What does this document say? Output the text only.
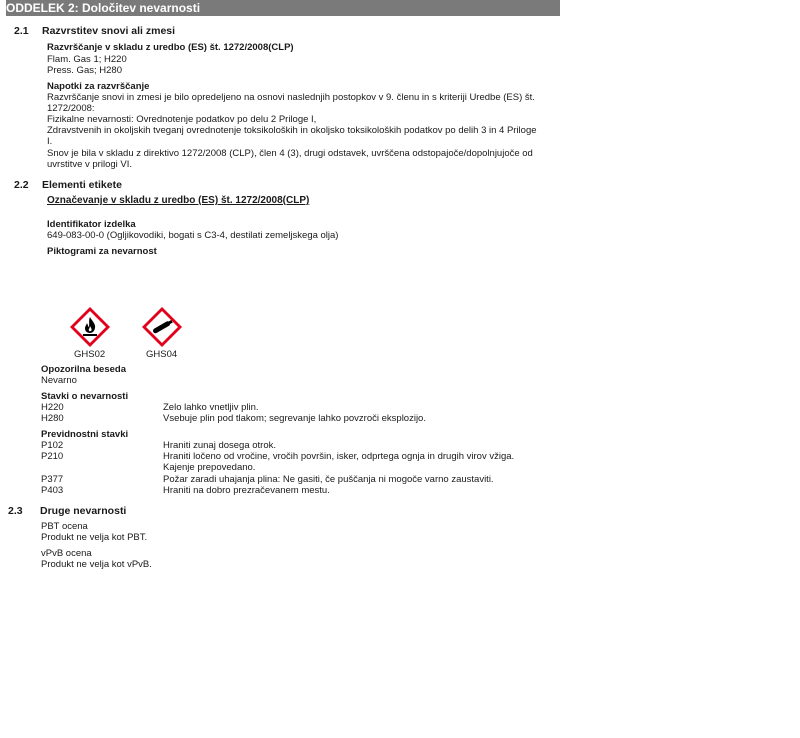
ODDELEK 2: Določitev nevarnosti
2.1 Razvrstitev snovi ali zmesi
Razvrščanje v skladu z uredbo (ES) št. 1272/2008(CLP)
Flam. Gas 1; H220
Press. Gas; H280
Napotki za razvrščanje
Razvrščanje snovi in zmesi je bilo opredeljeno na osnovi naslednjih postopkov v 9. členu in s kriteriji Uredbe (ES) št.
1272/2008:
Fizikalne nevarnosti: Ovrednotenje podatkov po delu 2 Priloge I,
Zdravstvenih in okoljskih tveganj ovrednotenje toksikoloških in okoljsko toksikoloških podatkov po delih 3 in 4 Priloge
I.
Snov je bila v skladu z direktivo 1272/2008 (CLP), člen 4 (3), drugi odstavek, uvrščena odstopajoče/dopolnjujoče od
uvrstitve v prilogi VI.
2.2 Elementi etikete
Označevanje v skladu z uredbo (ES) št. 1272/2008(CLP)
Identifikator izdelka
649-083-00-0 (Ogljikovodiki, bogati s C3-4, destilati zemeljskega olja)
Piktogrami za nevarnost
GHS02	GHS04
Opozorilna beseda
Nevarno
Stavki o nevarnosti
H220	Zelo lahko vnetljiv plin.
H280	Vsebuje plin pod tlakom; segrevanje lahko povzroči eksplozijo.
Previdnostni stavki
P102	Hraniti zunaj dosega otrok.
P210	Hraniti ločeno od vročine, vročih površin, isker, odprtega ognja in drugih virov vžiga.
Kajenje prepovedano.
P377	Požar zaradi uhajanja plina: Ne gasiti, če puščanja ni mogoče varno zaustaviti.
P403	Hraniti na dobro prezračevanem mestu.
2.3 Druge nevarnosti
PBT ocena
Produkt ne velja kot PBT.
vPvB ocena
Produkt ne velja kot vPvB.
